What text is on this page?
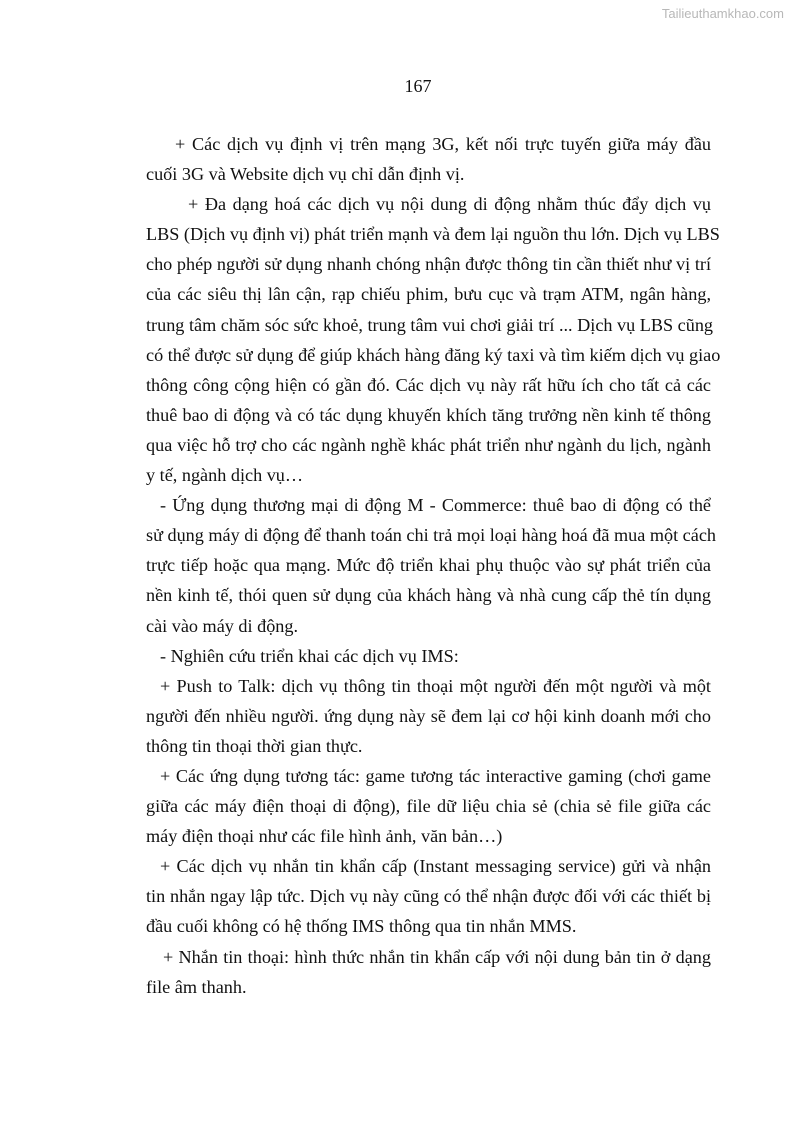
Tailieuthamkhao.com
167
+ Các dịch vụ định vị trên mạng 3G, kết nối trực tuyến giữa máy đầu
cuối 3G và Website dịch vụ chỉ dẫn định vị.
+ Đa dạng hoá các dịch vụ nội dung di động nhằm thúc đẩy dịch vụ
LBS (Dịch vụ định vị) phát triển mạnh và đem lại nguồn thu lớn. Dịch vụ LBS
cho phép người sử dụng nhanh chóng nhận được thông tin cần thiết như vị trí
của các siêu thị lân cận, rạp chiếu phim, bưu cục và trạm ATM, ngân hàng,
trung tâm chăm sóc sức khoẻ, trung tâm vui chơi giải trí ... Dịch vụ LBS cũng
có thể được sử dụng để giúp khách hàng đăng ký taxi và tìm kiếm dịch vụ giao
thông công cộng hiện có gần đó. Các dịch vụ này rất hữu ích cho tất cả các
thuê bao di động và có tác dụng khuyến khích tăng trưởng nền kinh tế thông
qua việc hỗ trợ cho các ngành nghề khác phát triển như ngành du lịch, ngành
y tế, ngành dịch vụ…
- Ứng dụng thương mại di động M - Commerce: thuê bao di động có thể
sử dụng máy di động để thanh toán chi trả mọi loại hàng hoá đã mua một cách
trực tiếp hoặc qua mạng. Mức độ triển khai phụ thuộc vào sự phát triển của
nền kinh tế, thói quen sử dụng của khách hàng và nhà cung cấp thẻ tín dụng
cài vào máy di động.
- Nghiên cứu triển khai các dịch vụ IMS:
+ Push to Talk: dịch vụ thông tin thoại một người đến một người và một
người đến nhiều người. ứng dụng này sẽ đem lại cơ hội kinh doanh mới cho
thông tin thoại thời gian thực.
+ Các ứng dụng tương tác: game tương tác interactive gaming (chơi game
giữa các máy điện thoại di động), file dữ liệu chia sẻ (chia sẻ file giữa các
máy điện thoại như các file hình ảnh, văn bản…)
+ Các dịch vụ nhắn tin khẩn cấp (Instant messaging service) gửi và nhận
tin nhắn ngay lập tức. Dịch vụ này cũng có thể nhận được đối với các thiết bị
đầu cuối không có hệ thống IMS thông qua tin nhắn MMS.
+ Nhắn tin thoại: hình thức nhắn tin khẩn cấp với nội dung bản tin ở dạng
file âm thanh.
